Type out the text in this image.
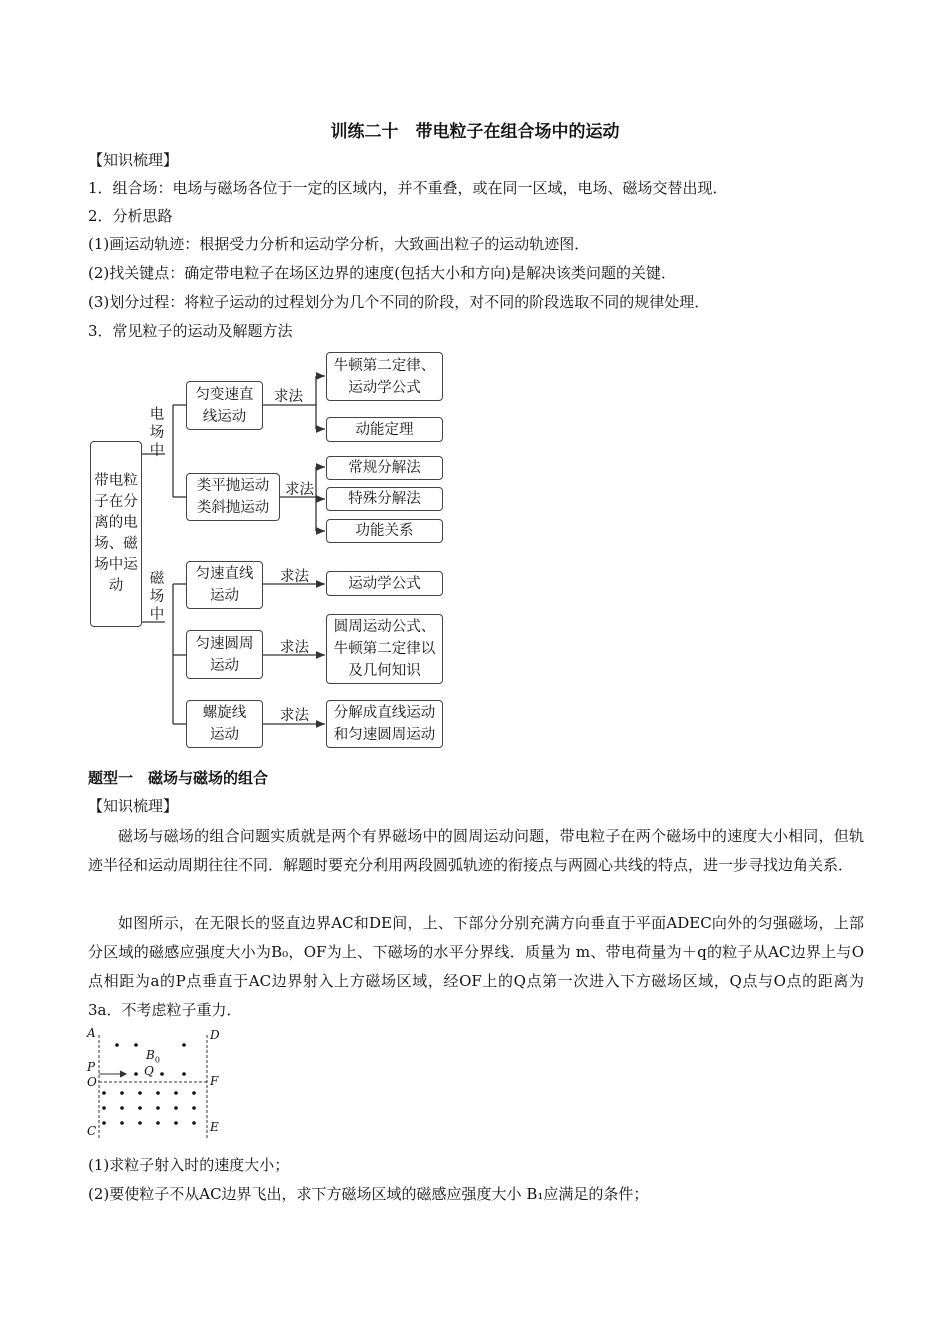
训练二十　带电粒子在组合场中的运动
【知识梳理】
1．组合场：电场与磁场各位于一定的区域内，并不重叠，或在同一区域，电场、磁场交替出现．
2．分析思路
(1)画运动轨迹：根据受力分析和运动学分析，大致画出粒子的运动轨迹图．
(2)找关键点：确定带电粒子在场区边界的速度(包括大小和方向)是解决该类问题的关键．
(3)划分过程：将粒子运动的过程划分为几个不同的阶段，对不同的阶段选取不同的规律处理．
3．常见粒子的运动及解题方法
带电粒子在分离的电场、磁场中运动
电场中
磁场中
匀变速直线运动
类平抛运动类斜抛运动
求法
求法
牛顿第二定律、运动学公式
动能定理
常规分解法
特殊分解法
功能关系
匀速直线运动
匀速圆周运动
螺旋线运动
求法
求法
求法
运动学公式
圆周运动公式、牛顿第二定律以及几何知识
分解成直线运动和匀速圆周运动
题型一　磁场与磁场的组合
【知识梳理】
磁场与磁场的组合问题实质就是两个有界磁场中的圆周运动问题，带电粒子在两个磁场中的速度大小相同，但轨迹半径和运动周期往往不同．解题时要充分利用两段圆弧轨迹的衔接点与两圆心共线的特点，进一步寻找边角关系．
如图所示，在无限长的竖直边界AC和DE间，上、下部分分别充满方向垂直于平面ADEC向外的匀强磁场，上部分区域的磁感应强度大小为B₀，OF为上、下磁场的水平分界线．质量为 m、带电荷量为＋q的粒子从AC边界上与O点相距为a的P点垂直于AC边界射入上方磁场区域，经OF上的Q点第一次进入下方磁场区域，Q点与O点的距离为3a．不考虑粒子重力．
A	D
P
O	F
Q
$B_0$
C	E
(1)求粒子射入时的速度大小；
(2)要使粒子不从AC边界飞出，求下方磁场区域的磁感应强度大小 B₁应满足的条件；
